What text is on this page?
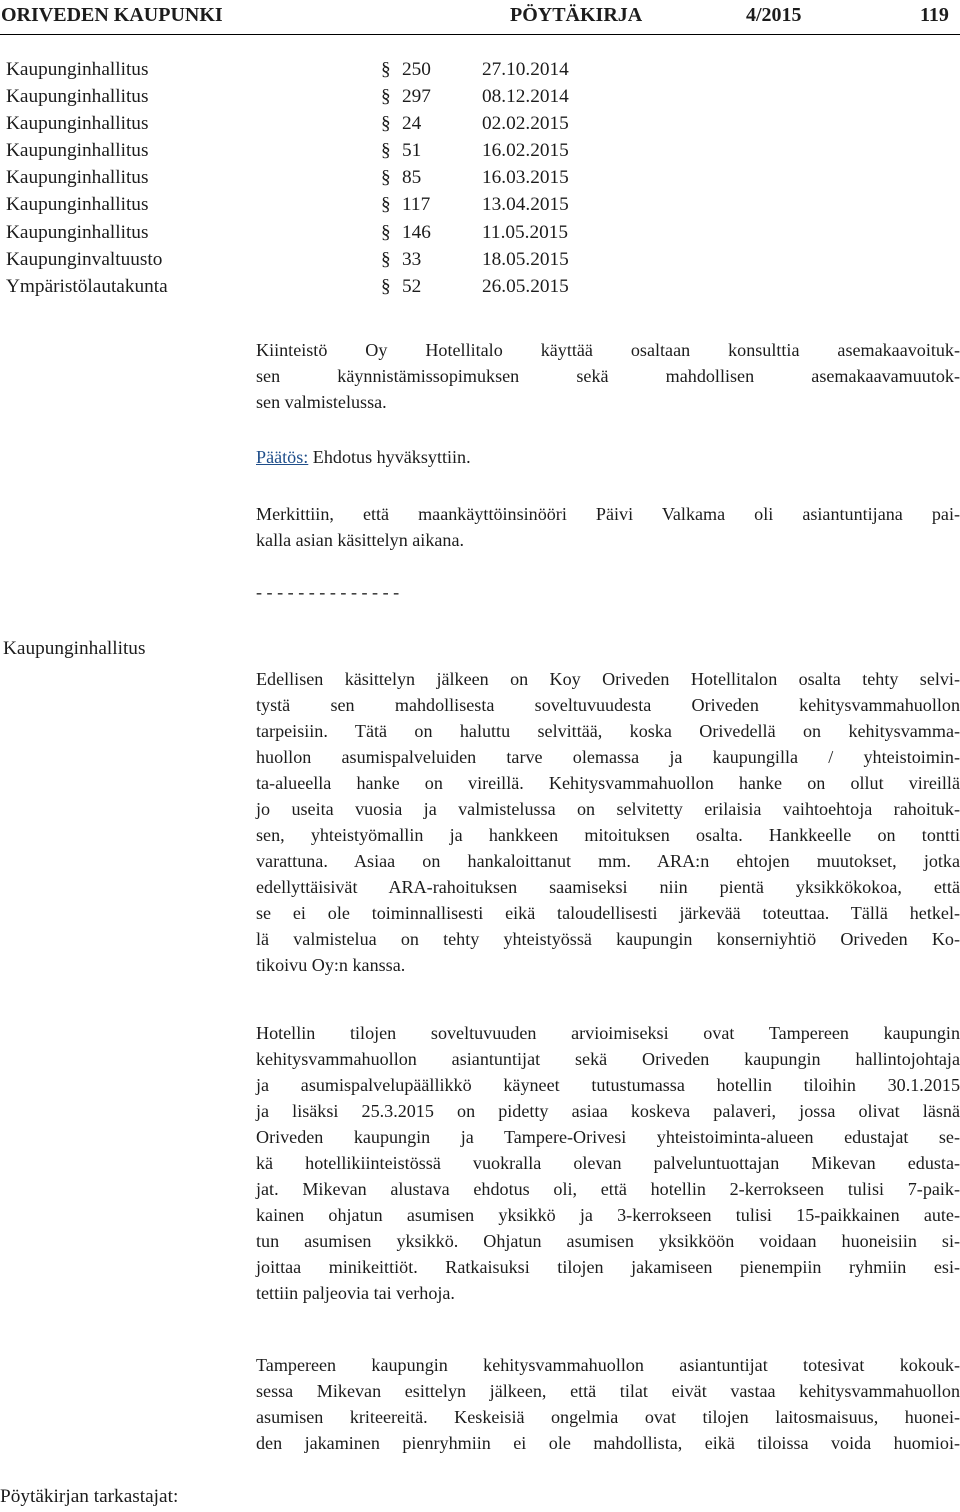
ORIVEDEN KAUPUNKI	PÖYTÄKIRJA	4/2015	119
Kaupunginhallitus	§ 250	27.10.2014
Kaupunginhallitus	§ 297	08.12.2014
Kaupunginhallitus	§ 24	02.02.2015
Kaupunginhallitus	§ 51	16.02.2015
Kaupunginhallitus	§ 85	16.03.2015
Kaupunginhallitus	§ 117	13.04.2015
Kaupunginhallitus	§ 146	11.05.2015
Kaupunginvaltuusto	§ 33	18.05.2015
Ympäristölautakunta	§ 52	26.05.2015
Kiinteistö Oy Hotellitalo käyttää osaltaan konsulttia asemakaavoituk-
sen käynnistämissopimuksen sekä mahdollisen asemakaavamuutok-
sen valmistelussa.
Päätös: Ehdotus hyväksyttiin.
Merkittiin, että maankäyttöinsinööri Päivi Valkama oli asiantuntijana pai-
kalla asian käsittelyn aikana.
- - - - - - - - - - - - - -
Kaupunginhallitus
Edellisen käsittelyn jälkeen on Koy Oriveden Hotellitalon osalta tehty selvi-
tystä sen mahdollisesta soveltuvuudesta Oriveden kehitysvammahuollon
tarpeisiin. Tätä on haluttu selvittää, koska Orivedellä on kehitysvamma-
huollon asumispalveluiden tarve olemassa ja kaupungilla / yhteistoimin-
ta-alueella hanke on vireillä. Kehitysvammahuollon hanke on ollut vireillä
jo useita vuosia ja valmistelussa on selvitetty erilaisia vaihtoehtoja rahoituk-
sen, yhteistyömallin ja hankkeen mitoituksen osalta. Hankkeelle on tontti
varattuna. Asiaa on hankaloittanut mm. ARA:n ehtojen muutokset, jotka
edellyttäisivät ARA-rahoituksen saamiseksi niin pientä yksikkökokoa, että
se ei ole toiminnallisesti eikä taloudellisesti järkevää toteuttaa. Tällä hetkel-
lä valmistelua on tehty yhteistyössä kaupungin konserniyhtiö Oriveden Ko-
tikoivu Oy:n kanssa.
Hotellin tilojen soveltuvuuden arvioimiseksi ovat Tampereen kaupungin
kehitysvammahuollon asiantuntijat sekä Oriveden kaupungin hallintojohtaja
ja asumispalvelupäällikkö käyneet tutustumassa hotellin tiloihin 30.1.2015
ja lisäksi 25.3.2015 on pidetty asiaa koskeva palaveri, jossa olivat läsnä
Oriveden kaupungin ja Tampere-Orivesi yhteistoiminta-alueen edustajat se-
kä hotellikiinteistössä vuokralla olevan palveluntuottajan Mikevan edusta-
jat. Mikevan alustava ehdotus oli, että hotellin 2-kerrokseen tulisi 7-paik-
kainen ohjatun asumisen yksikkö ja 3-kerrokseen tulisi 15-paikkainen aute-
tun asumisen yksikkö. Ohjatun asumisen yksikköön voidaan huoneisiin si-
joittaa minikeittiöt. Ratkaisuksi tilojen jakamiseen pienempiin ryhmiin esi-
tettiin paljeovia tai verhoja.
Tampereen kaupungin kehitysvammahuollon asiantuntijat totesivat kokouk-
sessa Mikevan esittelyn jälkeen, että tilat eivät vastaa kehitysvammahuollon
asumisen kriteereitä. Keskeisiä ongelmia ovat tilojen laitosmaisuus, huonei-
den jakaminen pienryhmiin ei ole mahdollista, eikä tiloissa voida huomioi-
Pöytäkirjan tarkastajat:
